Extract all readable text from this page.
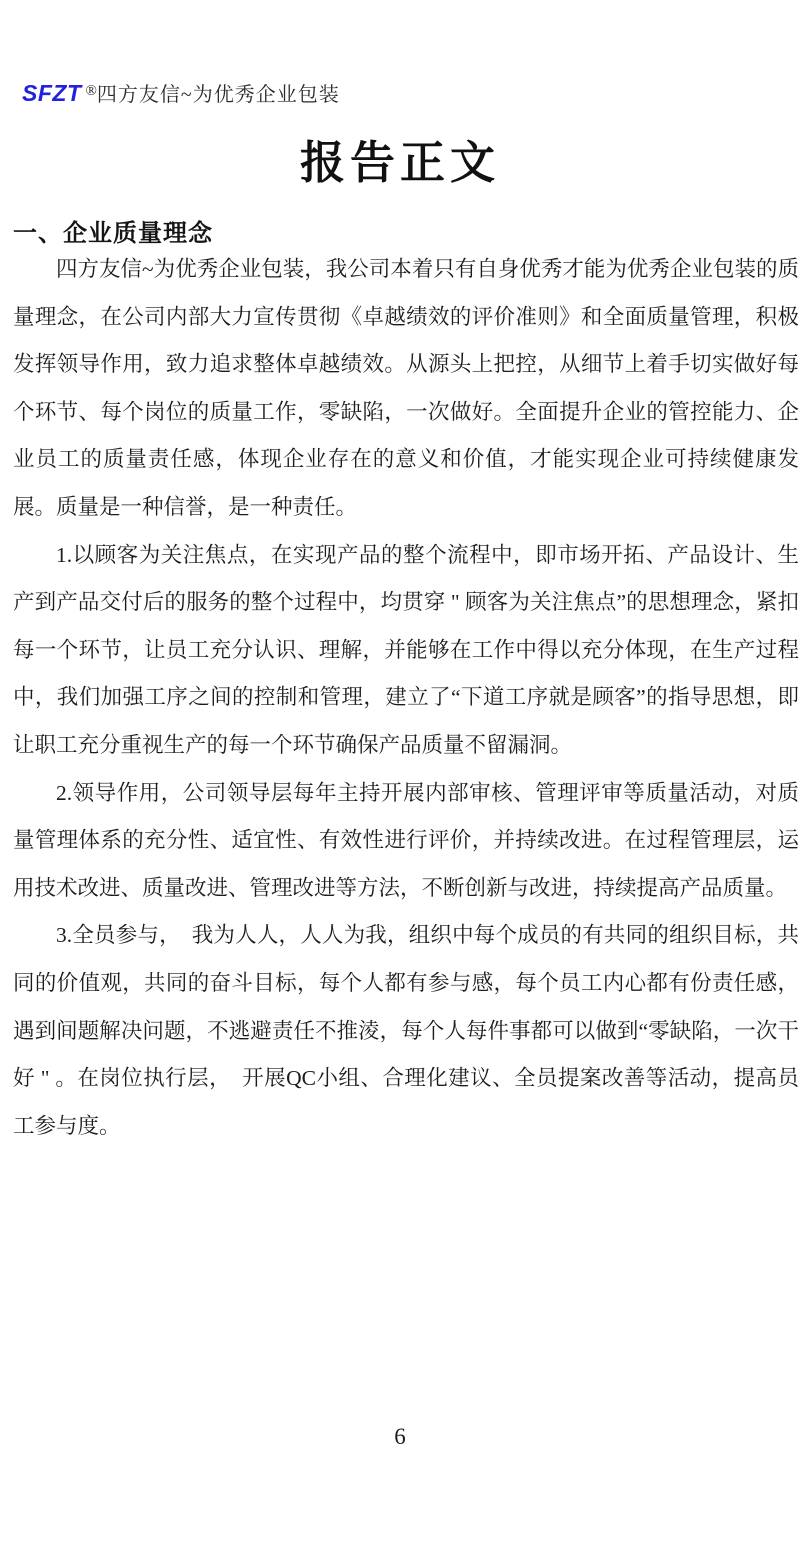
SFZT ®四方友信~为优秀企业包装
报告正文
一、企业质量理念

四方友信~为优秀企业包装，我公司本着只有自身优秀才能为优秀企业包装的质量理念，在公司内部大力宣传贯彻《卓越绩效的评价准则》和全面质量管理，积极发挥领导作用，致力追求整体卓越绩效。从源头上把控，从细节上着手切实做好每个环节、每个岗位的质量工作，零缺陷，一次做好。全面提升企业的管控能力、企业员工的质量责任感，体现企业存在的意义和价值，才能实现企业可持续健康发展。质量是一种信誉，是一种责任。

1.以顾客为关注焦点，在实现产品的整个流程中，即市场开拓、产品设计、生产到产品交付后的服务的整个过程中，均贯穿 " 顾客为关注焦点”的思想理念，紧扣每一个环节，让员工充分认识、理解，并能够在工作中得以充分体现，在生产过程中，我们加强工序之间的控制和管理，建立了“下道工序就是顾客”的指导思想，即让职工充分重视生产的每一个环节确保产品质量不留漏洞。

2.领导作用，公司领导层每年主持开展内部审核、管理评审等质量活动，对质量管理体系的充分性、适宜性、有效性进行评价，并持续改进。在过程管理层，运用技术改进、质量改进、管理改进等方法，不断创新与改进，持续提高产品质量。

3.全员参与，　我为人人，人人为我，组织中每个成员的有共同的组织目标，共同的价值观，共同的奋斗目标，每个人都有参与感，每个员工内心都有份责任感，遇到间题解决问题，不逃避责任不推淩，每个人每件事都可以做到“零缺陷，一次干好 " 。在岗位执行层，　开展QC小组、合理化建议、全员提案改善等活动，提高员工参与度。

6
